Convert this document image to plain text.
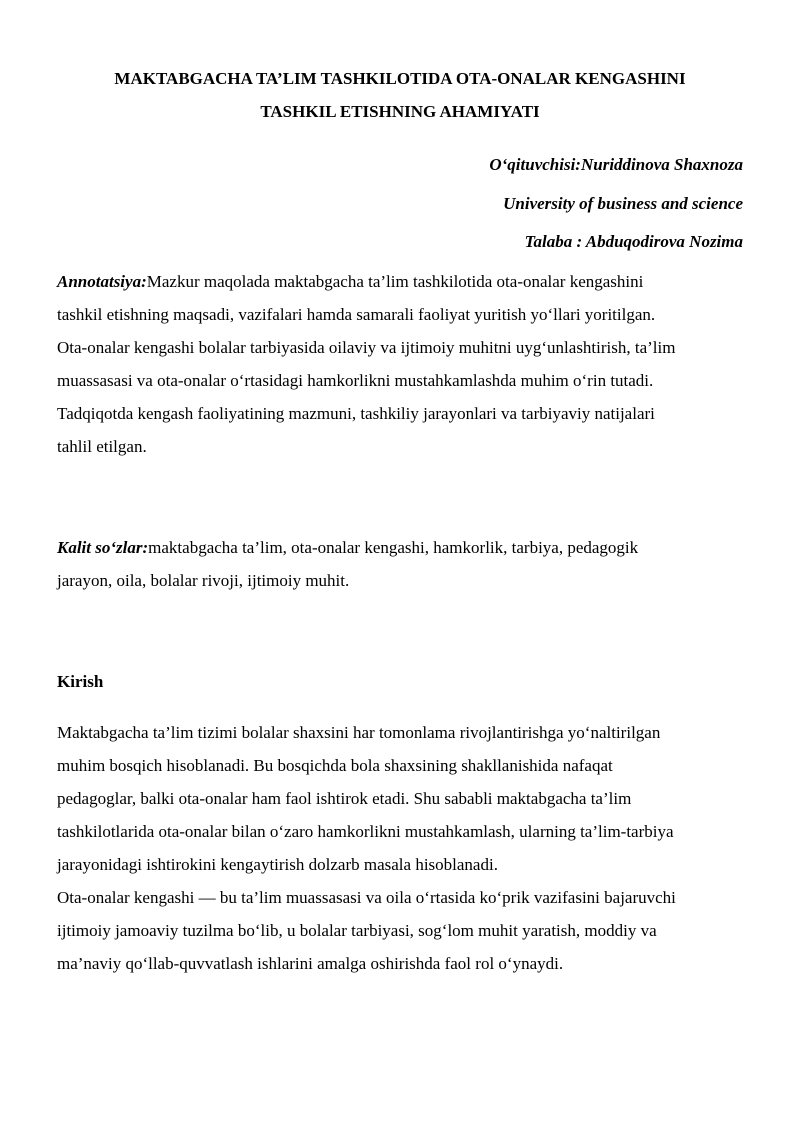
MAKTABGACHA TA’LIM TASHKILOTIDA OTA-ONALAR KENGASHINI
TASHKIL ETISHNING AHAMIYATI
O‘qituvchisi:Nuriddinova Shaxnoza
University of business and science
Talaba : Abduqodirova Nozima
Annotatsiya:Mazkur maqolada maktabgacha ta’lim tashkilotida ota-onalar kengashini
tashkil etishning maqsadi, vazifalari hamda samarali faoliyat yuritish yo‘llari yoritilgan.
Ota-onalar kengashi bolalar tarbiyasida oilaviy va ijtimoiy muhitni uyg‘unlashtirish, ta’lim
muassasasi va ota-onalar o‘rtasidagi hamkorlikni mustahkamlashda muhim o‘rin tutadi.
Tadqiqotda kengash faoliyatining mazmuni, tashkiliy jarayonlari va tarbiyaviy natijalari
tahlil etilgan.
Kalit so‘zlar:maktabgacha ta’lim, ota-onalar kengashi, hamkorlik, tarbiya, pedagogik
jarayon, oila, bolalar rivoji, ijtimoiy muhit.
Kirish
Maktabgacha ta’lim tizimi bolalar shaxsini har tomonlama rivojlantirishga yo‘naltirilgan
muhim bosqich hisoblanadi. Bu bosqichda bola shaxsining shakllanishida nafaqat
pedagoglar, balki ota-onalar ham faol ishtirok etadi. Shu sababli maktabgacha ta’lim
tashkilotlarida ota-onalar bilan o‘zaro hamkorlikni mustahkamlash, ularning ta’lim-tarbiya
jarayonidagi ishtirokini kengaytirish dolzarb masala hisoblanadi.
Ota-onalar kengashi — bu ta’lim muassasasi va oila o‘rtasida ko‘prik vazifasini bajaruvchi
ijtimoiy jamoaviy tuzilma bo‘lib, u bolalar tarbiyasi, sog‘lom muhit yaratish, moddiy va
ma’naviy qo‘llab-quvvatlash ishlarini amalga oshirishda faol rol o‘ynaydi.
